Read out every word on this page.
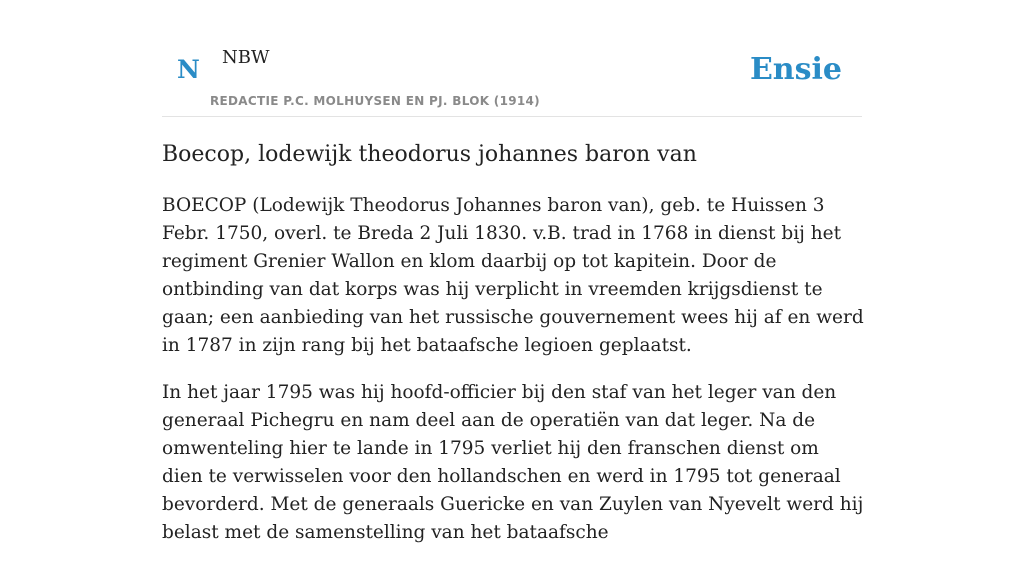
N NBW
REDACTIE P.C. MOLHUYSEN EN PJ. BLOK (1914)
Ensie
Boecop, lodewijk theodorus johannes baron van

BOECOP (Lodewijk Theodorus Johannes baron van), geb. te Huissen 3 Febr. 1750, overl. te Breda 2 Juli 1830. v.B. trad in 1768 in dienst bij het regiment Grenier Wallon en klom daarbij op tot kapitein. Door de ontbinding van dat korps was hij verplicht in vreemden krijgsdienst te gaan; een aanbieding van het russische gouvernement wees hij af en werd in 1787 in zijn rang bij het bataafsche legioen geplaatst.

In het jaar 1795 was hij hoofd-officier bij den staf van het leger van den generaal Pichegru en nam deel aan de operatiën van dat leger. Na de omwenteling hier te lande in 1795 verliet hij den franschen dienst om dien te verwisselen voor den hollandschen en werd in 1795 tot generaal bevorderd. Met de generaals Guericke en van Zuylen van Nyevelt werd hij belast met de samenstelling van het bataafsche
